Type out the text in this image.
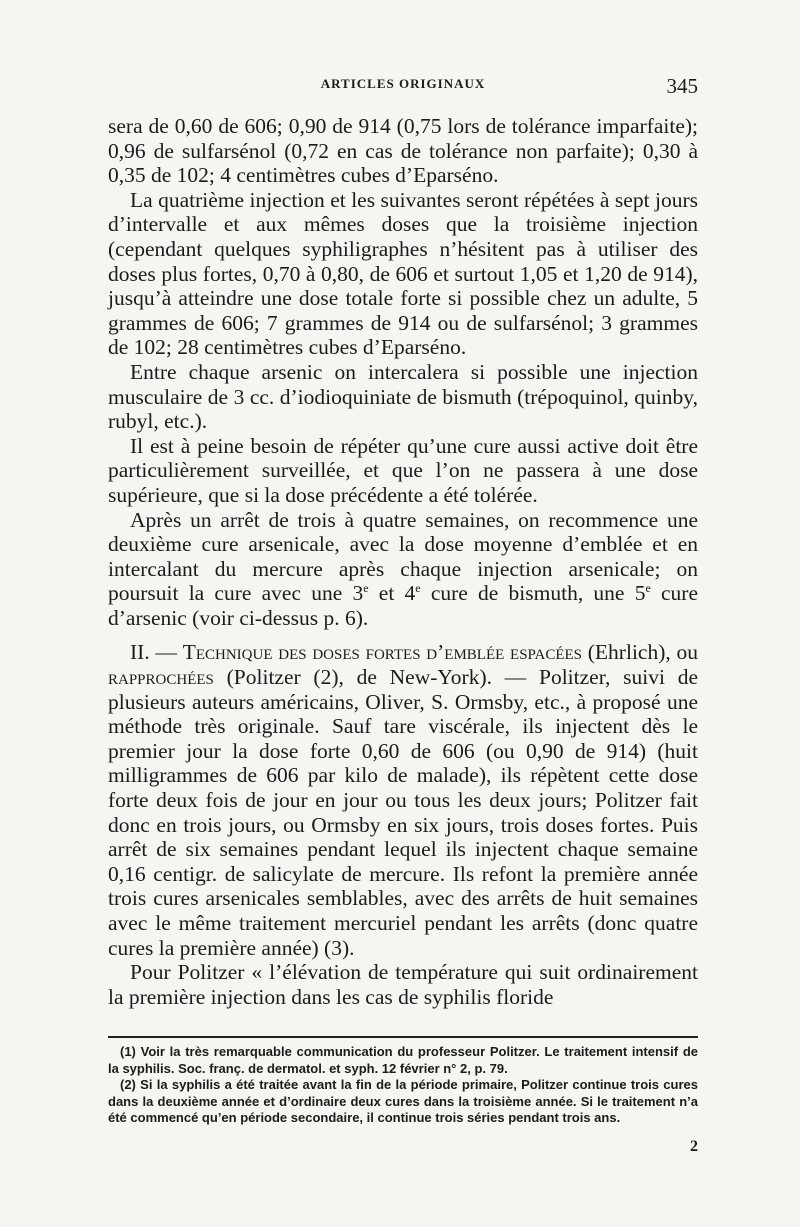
ARTICLES ORIGINAUX	345

sera de 0,60 de 606; 0,90 de 914 (0,75 lors de tolérance imparfaite); 0,96 de sulfarsénol (0,72 en cas de tolérance non parfaite); 0,30 à 0,35 de 102; 4 centimètres cubes d’Eparséno.

La quatrième injection et les suivantes seront répétées à sept jours d’intervalle et aux mêmes doses que la troisième injection (cependant quelques syphiligraphes n’hésitent pas à utiliser des doses plus fortes, 0,70 à 0,80, de 606 et surtout 1,05 et 1,20 de 914), jusqu’à atteindre une dose totale forte si possible chez un adulte, 5 grammes de 606; 7 grammes de 914 ou de sulfarsénol; 3 grammes de 102; 28 centimètres cubes d’Eparséno.

Entre chaque arsenic on intercalera si possible une injection musculaire de 3 cc. d’iodioquiniate de bismuth (trépoquinol, quinby, rubyl, etc.).

Il est à peine besoin de répéter qu’une cure aussi active doit être particulièrement surveillée, et que l’on ne passera à une dose supérieure, que si la dose précédente a été tolérée.

Après un arrêt de trois à quatre semaines, on recommence une deuxième cure arsenicale, avec la dose moyenne d’emblée et en intercalant du mercure après chaque injection arsenicale; on poursuit la cure avec une 3e et 4e cure de bismuth, une 5e cure d’arsenic (voir ci-dessus p. 6).

II. — Technique des doses fortes d’emblée espacées (Ehrlich), ou rapprochées (Politzer (2), de New-York). — Politzer, suivi de plusieurs auteurs américains, Oliver, S. Ormsby, etc., à proposé une méthode très originale. Sauf tare viscérale, ils injectent dès le premier jour la dose forte 0,60 de 606 (ou 0,90 de 914) (huit milligrammes de 606 par kilo de malade), ils répètent cette dose forte deux fois de jour en jour ou tous les deux jours; Politzer fait donc en trois jours, ou Ormsby en six jours, trois doses fortes. Puis arrêt de six semaines pendant lequel ils injectent chaque semaine 0,16 centigr. de salicylate de mercure. Ils refont la première année trois cures arsenicales semblables, avec des arrêts de huit semaines avec le même traitement mercuriel pendant les arrêts (donc quatre cures la première année) (3).

Pour Politzer « l’élévation de température qui suit ordinairement la première injection dans les cas de syphilis floride

(1) Voir la très remarquable communication du professeur Politzer. Le traitement intensif de la syphilis. Soc. franç. de dermatol. et syph. 12 février n° 2, p. 79.

(2) Si la syphilis a été traitée avant la fin de la période primaire, Politzer continue trois cures dans la deuxième année et d’ordinaire deux cures dans la troisième année. Si le traitement n’a été commencé qu’en période secondaire, il continue trois séries pendant trois ans.

2
